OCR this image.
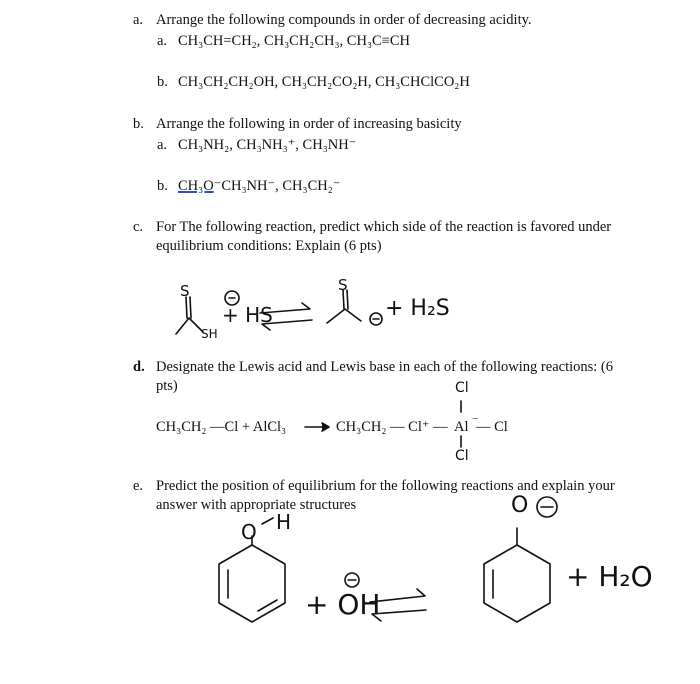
a. Arrange the following compounds in order of decreasing acidity.
a. CH₃CH=CH₂, CH₃CH₂CH₃, CH₃C≡CH
b. CH₃CH₂CH₂OH, CH₃CH₂CO₂H, CH₃CHClCO₂H
b. Arrange the following in order of increasing basicity
a. CH₃NH₂, CH₃NH₃⁺, CH₃NH⁻
b. CH₃O⁻CH₃NH⁻, CH₃CH₂⁻
c. For The following reaction, predict which side of the reaction is favored under
equilibrium conditions: Explain (6 pts)
S
SH
+ HS
S
+ H₂S
d. Designate the Lewis acid and Lewis base in each of the following reactions: (6
pts)
CH₃CH₂ —Cl + AlCl₃	CH₃CH₂ — Cl⁺ — Al −
— Cl
Cl
Cl
e. Predict the position of equilibrium for the following reactions and explain your
answer with appropriate structures
O H
+ OH
O
+ H₂O
